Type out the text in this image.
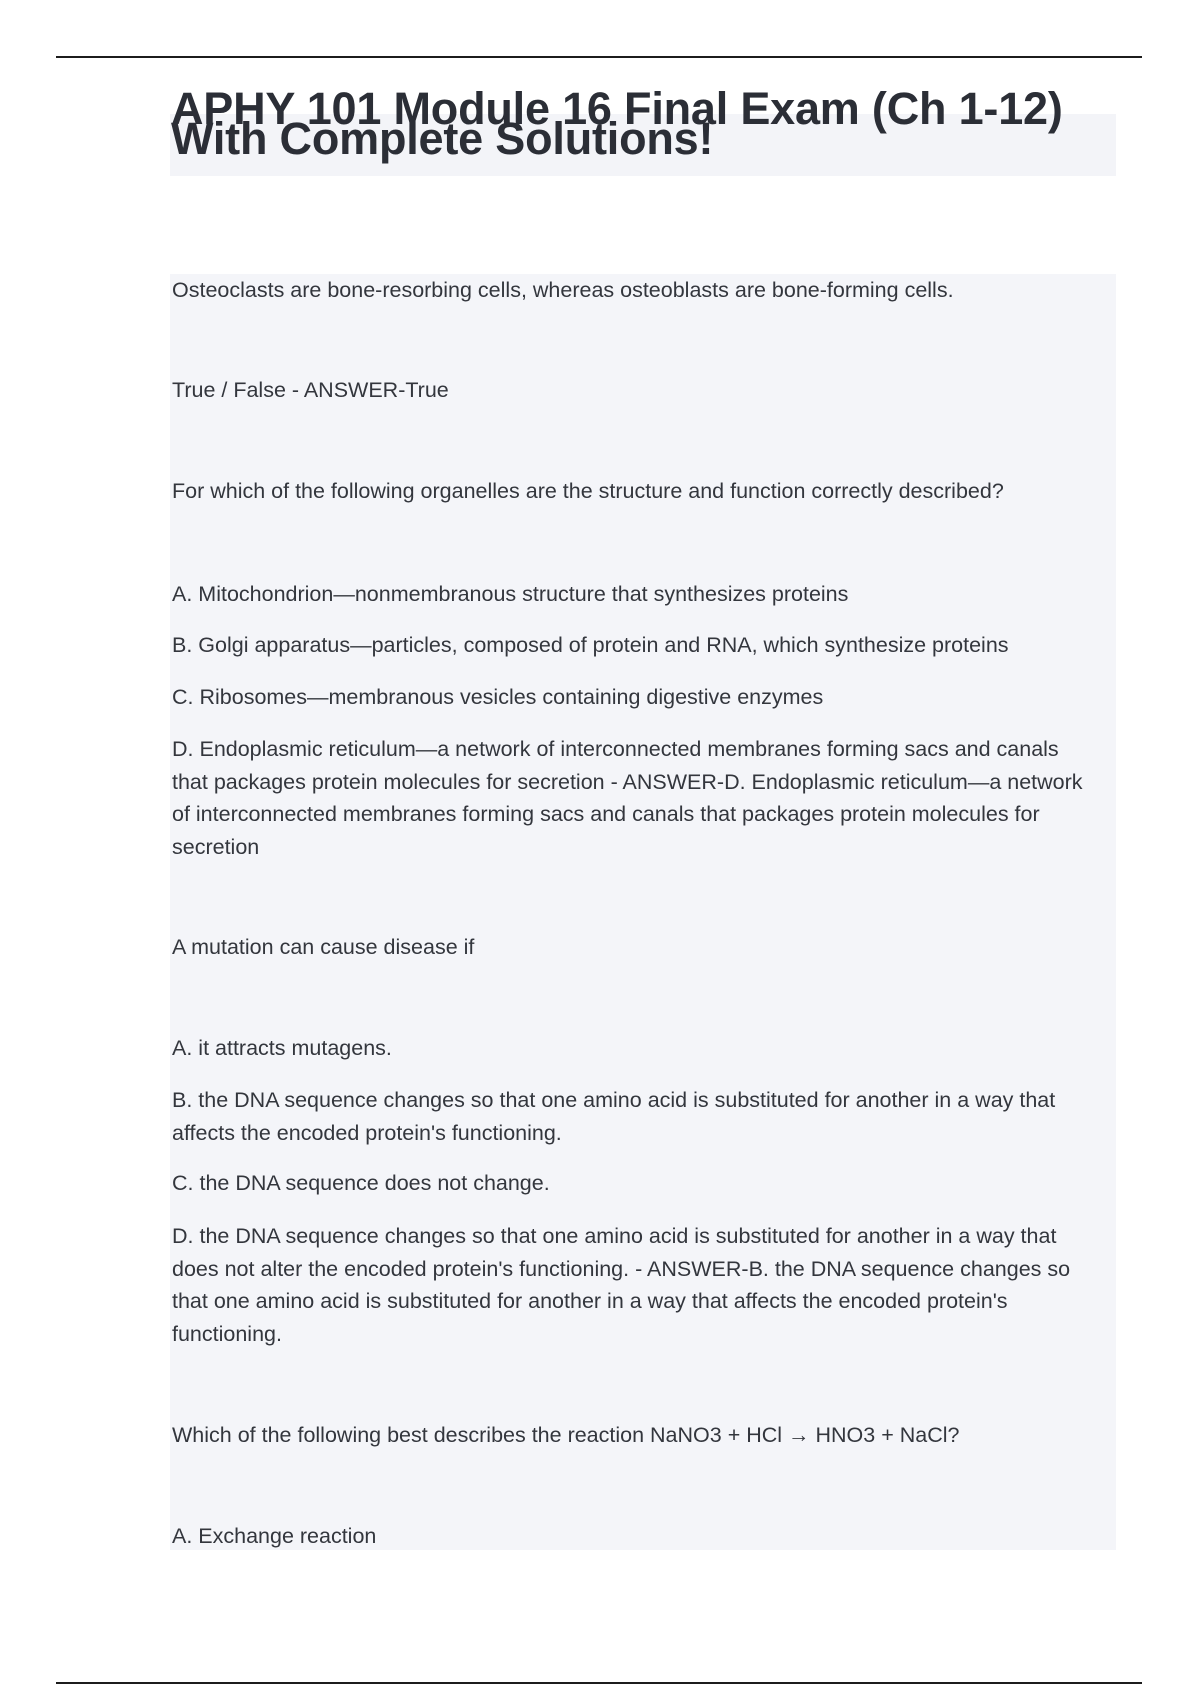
APHY 101 Module 16 Final Exam (Ch 1-12) With Complete Solutions!

Osteoclasts are bone-resorbing cells, whereas osteoblasts are bone-forming cells.

True / False - ANSWER-True

For which of the following organelles are the structure and function correctly described?

A. Mitochondrion—nonmembranous structure that synthesizes proteins

B. Golgi apparatus—particles, composed of protein and RNA, which synthesize proteins

C. Ribosomes—membranous vesicles containing digestive enzymes

D. Endoplasmic reticulum—a network of interconnected membranes forming sacs and canals that packages protein molecules for secretion - ANSWER-D. Endoplasmic reticulum—a network of interconnected membranes forming sacs and canals that packages protein molecules for secretion

A mutation can cause disease if

A. it attracts mutagens.

B. the DNA sequence changes so that one amino acid is substituted for another in a way that affects the encoded protein's functioning.

C. the DNA sequence does not change.

D. the DNA sequence changes so that one amino acid is substituted for another in a way that does not alter the encoded protein's functioning. - ANSWER-B. the DNA sequence changes so that one amino acid is substituted for another in a way that affects the encoded protein's functioning.

Which of the following best describes the reaction NaNO3 + HCl → HNO3 + NaCl?

A. Exchange reaction
